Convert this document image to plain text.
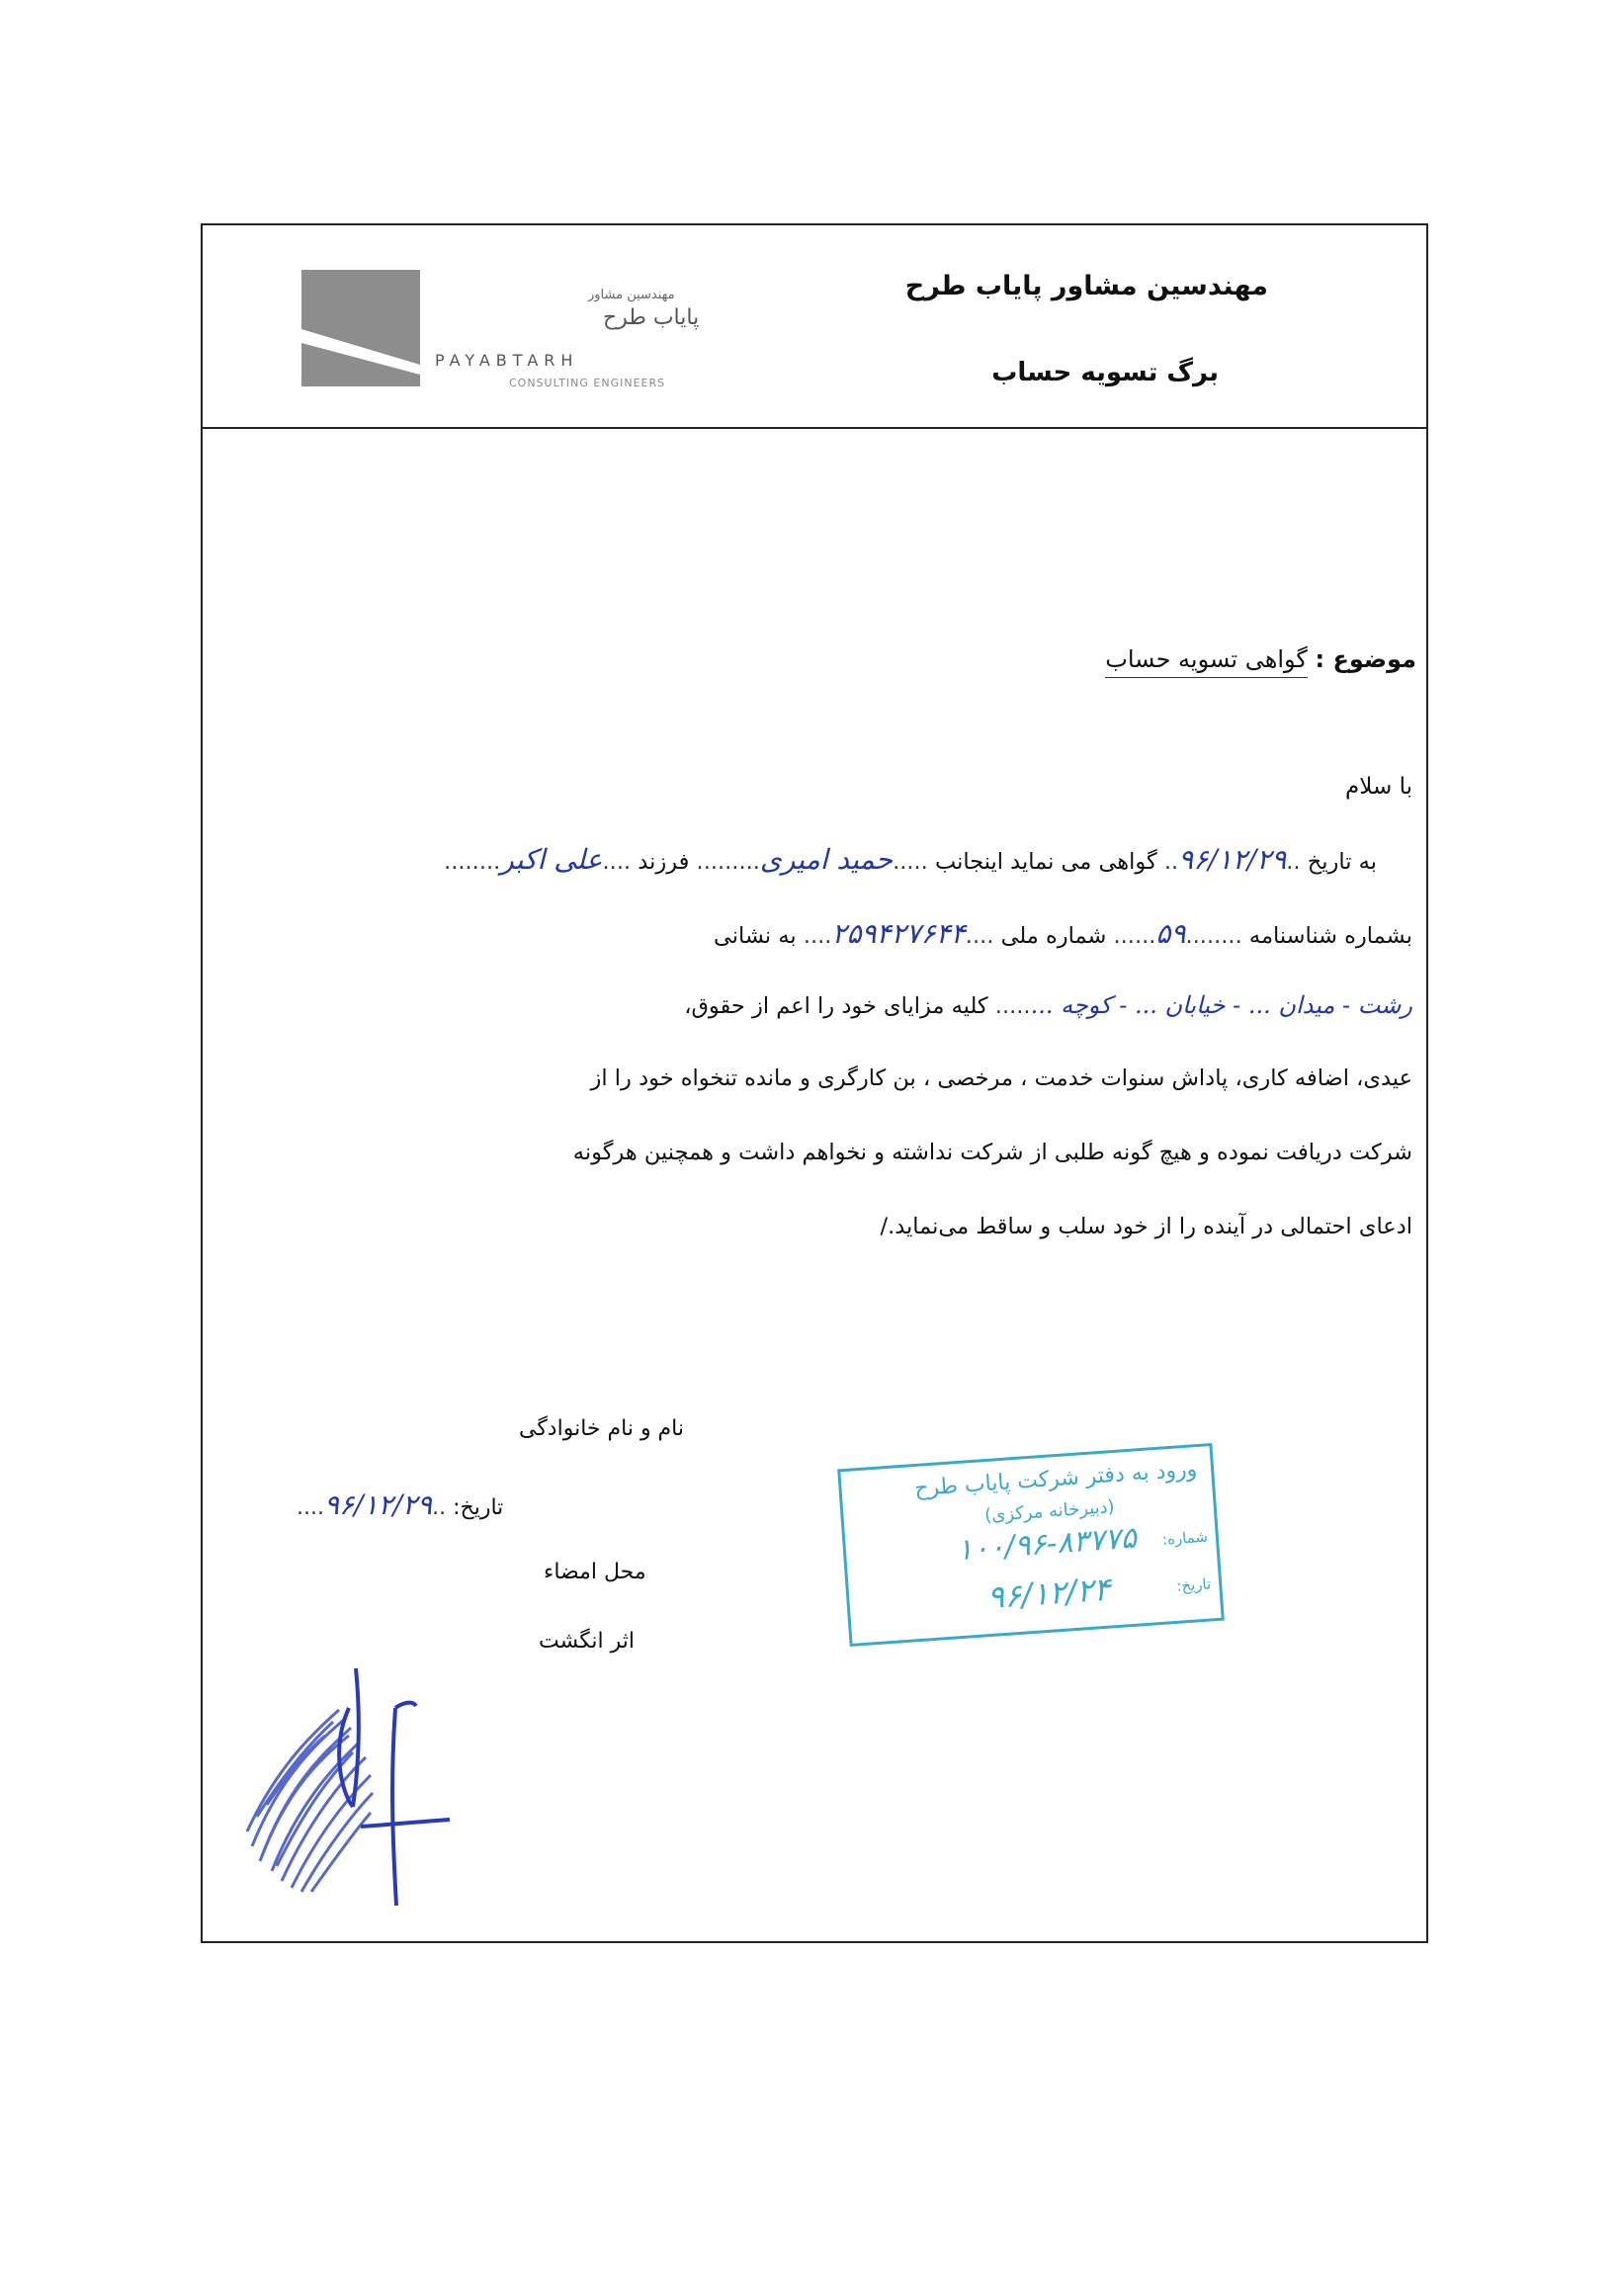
مهندسین مشاور
پایاب طرح
PAYABTARH
CONSULTING ENGINEERS
مهندسین مشاور پایاب طرح
برگ تسویه حساب
موضوع : گواهی تسویه حساب
با سلام
به تاریخ ..۹۶/۱۲/۲۹.. گواهی می نماید اینجانب .....حمید امیری......... فرزند ....علی اکبر........
بشماره شناسنامه ........۵۹...... شماره ملی ....۲۵۹۴۲۷۶۴۴.... به نشانی
رشت - میدان ... - خیابان ... - کوچه ........ کلیه مزایای خود را اعم از حقوق،
عیدی، اضافه کاری، پاداش سنوات خدمت ، مرخصی ، بن کارگری و مانده تنخواه خود را از
شرکت دریافت نموده و هیچ گونه طلبی از شرکت نداشته و نخواهم داشت و همچنین هرگونه
ادعای احتمالی در آینده را از خود سلب و ساقط می‌نماید./
نام و نام خانوادگی
تاریخ: ..۹۶/۱۲/۲۹....
محل امضاء
اثر انگشت
ورود به دفتر شرکت پایاب طرح
(دبیرخانه مرکزی)
شماره:
۱۰۰/۹۶-۸۳۷۷۵
تاریخ:
۹۶/۱۲/۲۴
